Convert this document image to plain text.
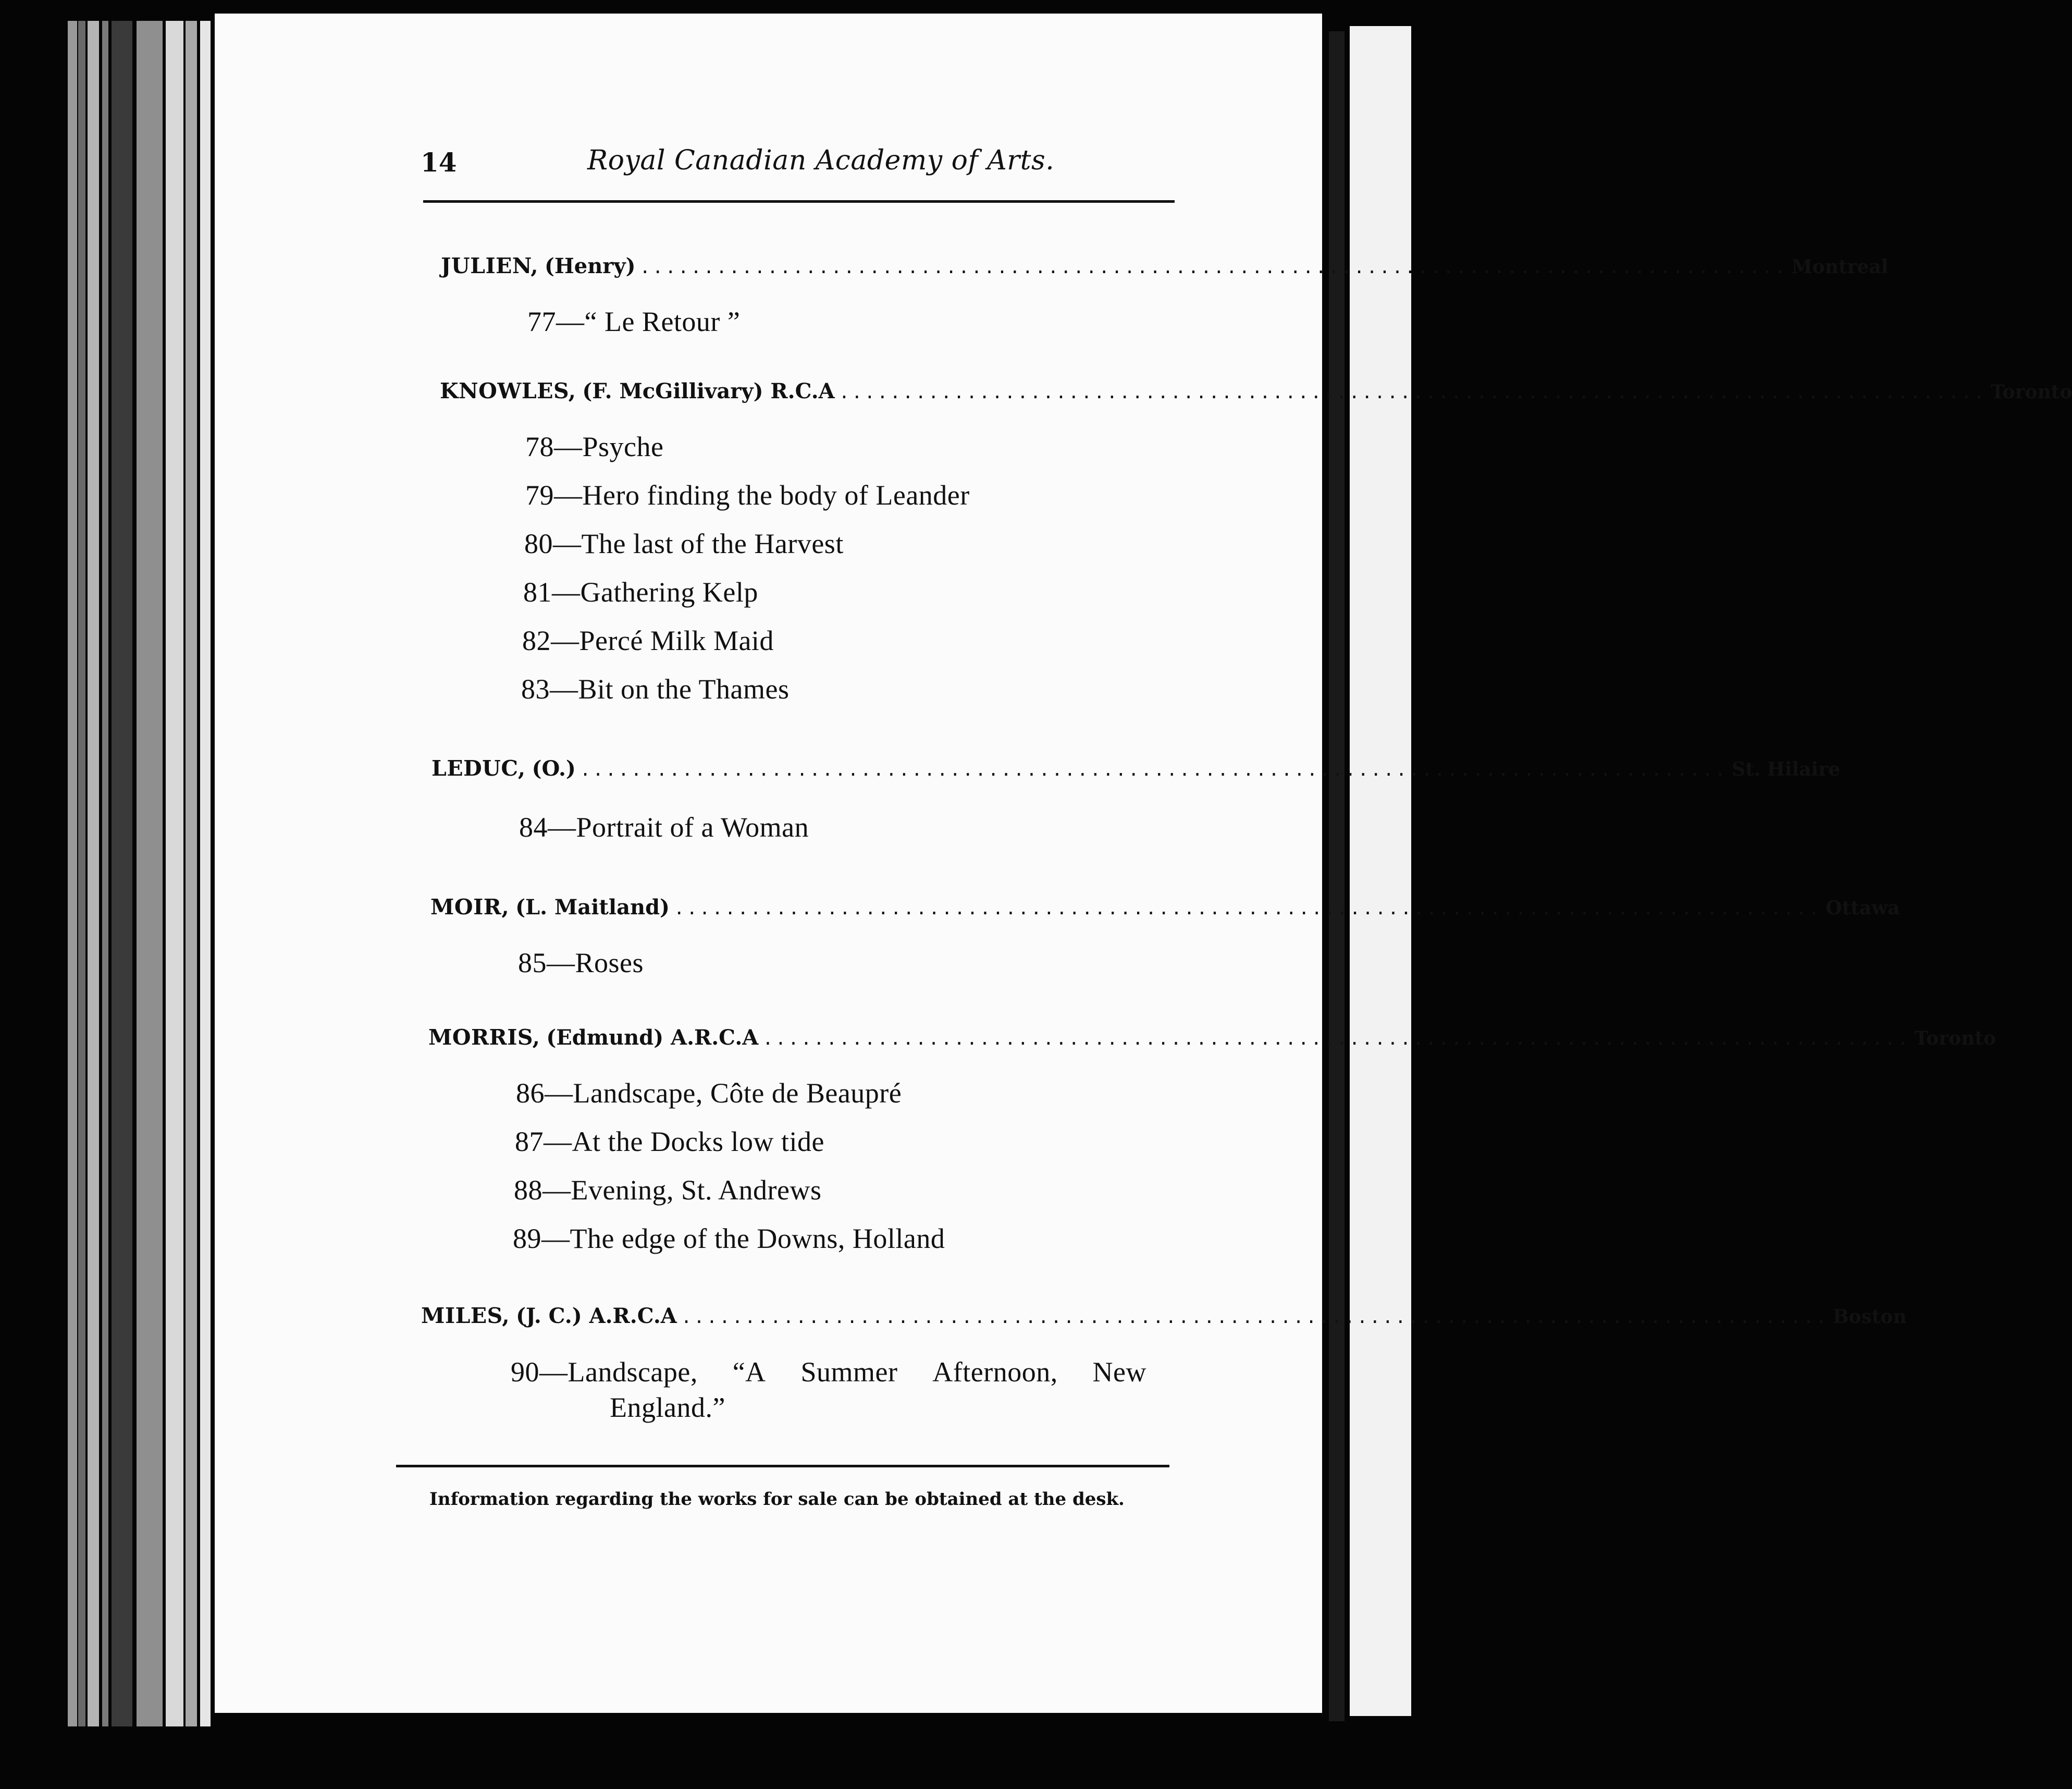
14	Royal Canadian Academy of Arts.
JULIEN, (Henry) .......................................................................................... Montreal
77—“ Le Retour ”
KNOWLES, (F. McGillivary) R.C.A .......................................................................................... Toronto
78—Psyche
79—Hero finding the body of Leander
80—The last of the Harvest
81—Gathering Kelp
82—Percé Milk Maid
83—Bit on the Thames
LEDUC, (O.) .......................................................................................... St. Hilaire
84—Portrait of a Woman
MOIR, (L. Maitland) .......................................................................................... Ottawa
85—Roses
MORRIS, (Edmund) A.R.C.A .......................................................................................... Toronto
86—Landscape, Côte de Beaupré
87—At the Docks low tide
88—Evening, St. Andrews
89—The edge of the Downs, Holland
MILES, (J. C.) A.R.C.A .......................................................................................... Boston
90—Landscape, “A Summer Afternoon, New
England.”
Information regarding the works for sale can be obtained at the desk.
